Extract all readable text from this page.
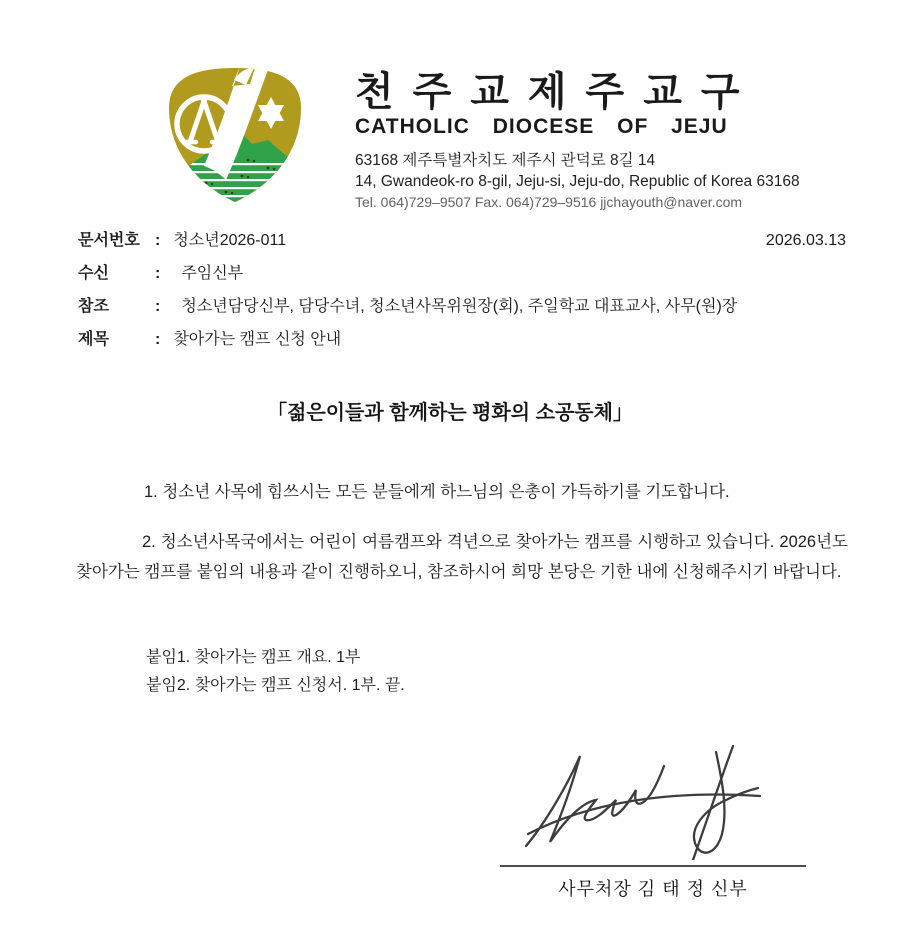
천주교제주교구
CATHOLIC DIOCESE OF JEJU
63168 제주특별자치도 제주시 관덕로 8길 14
14, Gwandeok-ro 8-gil, Jeju-si, Jeju-do, Republic of Korea 63168
Tel. 064)729–9507 Fax. 064)729–9516 jjchayouth@naver.com
문서번호 : 청소년2026-011	2026.03.13
수신	: 주임신부
참조	: 청소년담당신부, 담당수녀, 청소년사목위원장(회), 주일학교 대표교사, 사무(원)장
제목	: 찾아가는 캠프 신청 안내
「젊은이들과 함께하는 평화의 소공동체」
1. 청소년 사목에 힘쓰시는 모든 분들에게 하느님의 은총이 가득하기를 기도합니다.
2. 청소년사목국에서는 어린이 여름캠프와 격년으로 찾아가는 캠프를 시행하고 있습니다. 2026년도 찾아가는 캠프를 붙임의 내용과 같이 진행하오니, 참조하시어 희망 본당은 기한 내에 신청해주시기 바랍니다.
붙임1. 찾아가는 캠프 개요. 1부
붙임2. 찾아가는 캠프 신청서. 1부. 끝.
사무처장 김 태 정 신부
